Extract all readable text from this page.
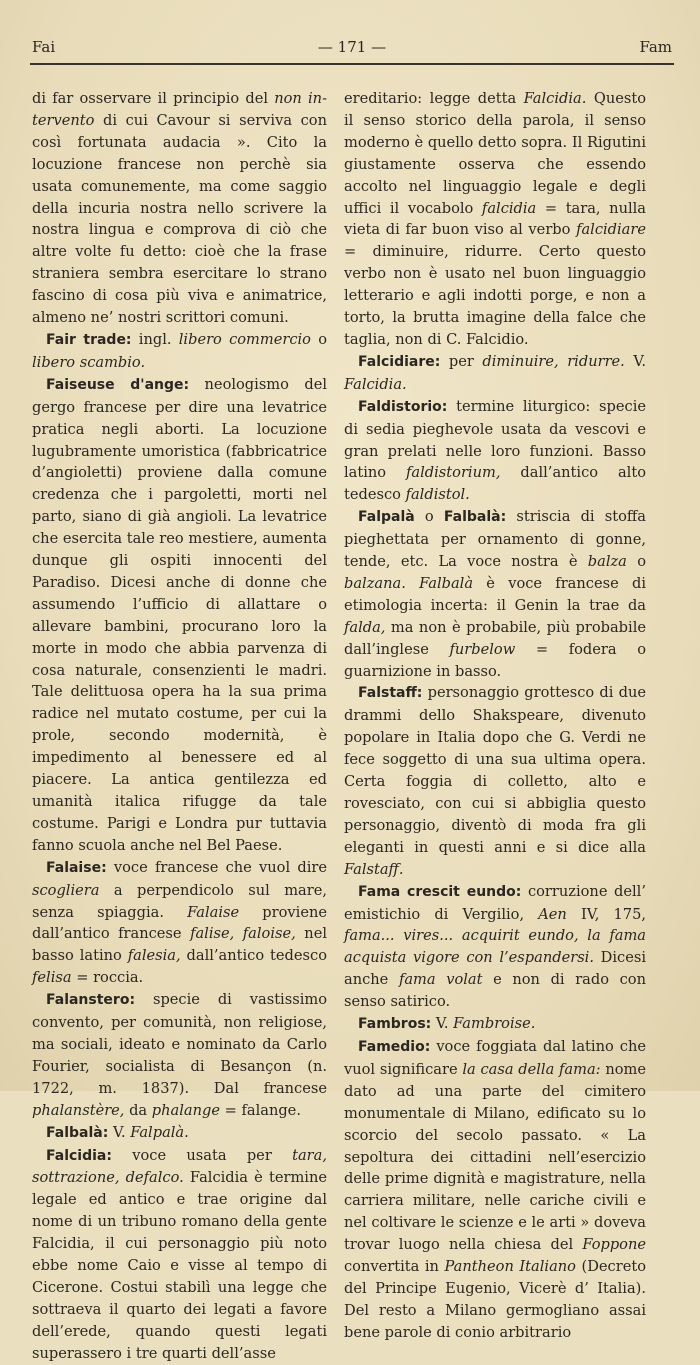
Fai	— 171 —	Fam

di far osservare il principio del non in-tervento di cui Cavour si serviva con così fortunata audacia ». Cito la locuzione francese non perchè sia usata comunemente, ma come saggio della incuria nostra nello scrivere la nostra lingua e comprova di ciò che altre volte fu detto: cioè che la frase straniera sembra esercitare lo strano fascino di cosa più viva e animatrice, almeno ne’ nostri scrittori comuni.

Fair trade: ingl. libero commercio o libero scambio.

Faiseuse d'ange: neologismo del gergo francese per dire una levatrice pratica negli aborti. La locuzione lugubramente umoristica (fabbricatrice d’angioletti) proviene dalla comune credenza che i pargoletti, morti nel parto, siano di già angioli. La levatrice che esercita tale reo mestiere, aumenta dunque gli ospiti innocenti del Paradiso. Dicesi anche di donne che assumendo l’ufficio di allattare o allevare bambini, procurano loro la morte in modo che abbia parvenza di cosa naturale, consenzienti le madri. Tale delittuosa opera ha la sua prima radice nel mutato costume, per cui la prole, secondo modernità, è impedimento al benessere ed al piacere. La antica gentilezza ed umanità italica rifugge da tale costume. Parigi e Londra pur tuttavia fanno scuola anche nel Bel Paese.

Falaise: voce francese che vuol dire scogliera a perpendicolo sul mare, senza spiaggia. Falaise proviene dall’antico francese falise, faloise, nel basso latino falesia, dall’antico tedesco felisa = roccia.

Falanstero: specie di vastissimo convento, per comunità, non religiose, ma sociali, ideato e nominato da Carlo Fourier, socialista di Besançon (n. 1722, m. 1837). Dal francese phalanstère, da phalange = falange.

Falbalà: V. Falpalà.

Falcidia: voce usata per tara, sottrazione, defalco. Falcidia è termine legale ed antico e trae origine dal nome di un tribuno romano della gente Falcidia, il cui personaggio più noto ebbe nome Caio e visse al tempo di Cicerone. Costui stabilì una legge che sottraeva il quarto dei legati a favore dell’erede, quando questi legati superassero i tre quarti dell’asse

ereditario: legge detta Falcidia. Questo il senso storico della parola, il senso moderno è quello detto sopra. Il Rigutini giustamente osserva che essendo accolto nel linguaggio legale e degli uffici il vocabolo falcidia = tara, nulla vieta di far buon viso al verbo falcidiare = diminuire, ridurre. Certo questo verbo non è usato nel buon linguaggio letterario e agli indotti porge, e non a torto, la brutta imagine della falce che taglia, non di C. Falcidio.

Falcidiare: per diminuire, ridurre. V. Falcidia.

Faldistorio: termine liturgico: specie di sedia pieghevole usata da vescovi e gran prelati nelle loro funzioni. Basso latino faldistorium, dall’antico alto tedesco faldistol.

Falpalà o Falbalà: striscia di stoffa pieghettata per ornamento di gonne, tende, etc. La voce nostra è balza o balzana. Falbalà è voce francese di etimologia incerta: il Genin la trae da falda, ma non è probabile, più probabile dall’inglese furbelow = fodera o guarnizione in basso.

Falstaff: personaggio grottesco di due drammi dello Shakspeare, divenuto popolare in Italia dopo che G. Verdi ne fece soggetto di una sua ultima opera. Certa foggia di colletto, alto e rovesciato, con cui si abbiglia questo personaggio, diventò di moda fra gli eleganti in questi anni e si dice alla Falstaff.

Fama crescit eundo: corruzione dell’ emistichio di Vergilio, Aen IV, 175, fama... vires... acquirit eundo, la fama acquista vigore con l’espandersi. Dicesi anche fama volat e non di rado con senso satirico.

Fambros: V. Fambroise.

Famedio: voce foggiata dal latino che vuol significare la casa della fama: nome dato ad una parte del cimitero monumentale di Milano, edificato su lo scorcio del secolo passato. « La sepoltura dei cittadini nell’esercizio delle prime dignità e magistrature, nella carriera militare, nelle cariche civili e nel coltivare le scienze e le arti » doveva trovar luogo nella chiesa del Foppone convertita in Pantheon Italiano (Decreto del Principe Eugenio, Vicerè d’ Italia). Del resto a Milano germogliano assai bene parole di conio arbitrario
